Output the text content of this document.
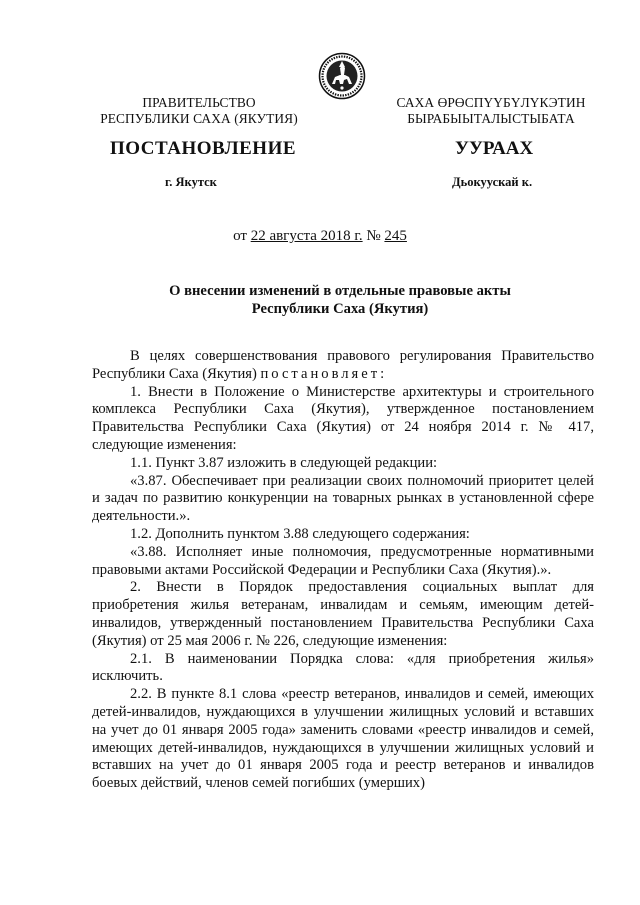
ПРАВИТЕЛЬСТВО
РЕСПУБЛИКИ САХА (ЯКУТИЯ)
САХА ӨРӨСПҮҮБҮЛҮКЭТИН
БЫРАБЫЫТАЛЫСТЫБАТА
ПОСТАНОВЛЕНИЕ	УУРААХ
г. Якутск	Дьокуускай к.
от 22 августа 2018 г. № 245
О внесении изменений в отдельные правовые акты
Республики Саха (Якутия)

В целях совершенствования правового регулирования Правительство Республики Саха (Якутия) постановляет:

1. Внести в Положение о Министерстве архитектуры и строительного комплекса Республики Саха (Якутия), утвержденное постановлением Правительства Республики Саха (Якутия) от 24 ноября 2014 г. № 417, следующие изменения:

1.1. Пункт 3.87 изложить в следующей редакции:

«3.87. Обеспечивает при реализации своих полномочий приоритет целей и задач по развитию конкуренции на товарных рынках в установленной сфере деятельности.».

1.2. Дополнить пунктом 3.88 следующего содержания:

«3.88. Исполняет иные полномочия, предусмотренные нормативными правовыми актами Российской Федерации и Республики Саха (Якутия).».

2. Внести в Порядок предоставления социальных выплат для приобретения жилья ветеранам, инвалидам и семьям, имеющим детей-инвалидов, утвержденный постановлением Правительства Республики Саха (Якутия) от 25 мая 2006 г. № 226, следующие изменения:

2.1. В наименовании Порядка слова: «для приобретения жилья» исключить.

2.2. В пункте 8.1 слова «реестр ветеранов, инвалидов и семей, имеющих детей-инвалидов, нуждающихся в улучшении жилищных условий и вставших на учет до 01 января 2005 года» заменить словами «реестр инвалидов и семей, имеющих детей-инвалидов, нуждающихся в улучшении жилищных условий и вставших на учет до 01 января 2005 года и реестр ветеранов и инвалидов боевых действий, членов семей погибших (умерших)
